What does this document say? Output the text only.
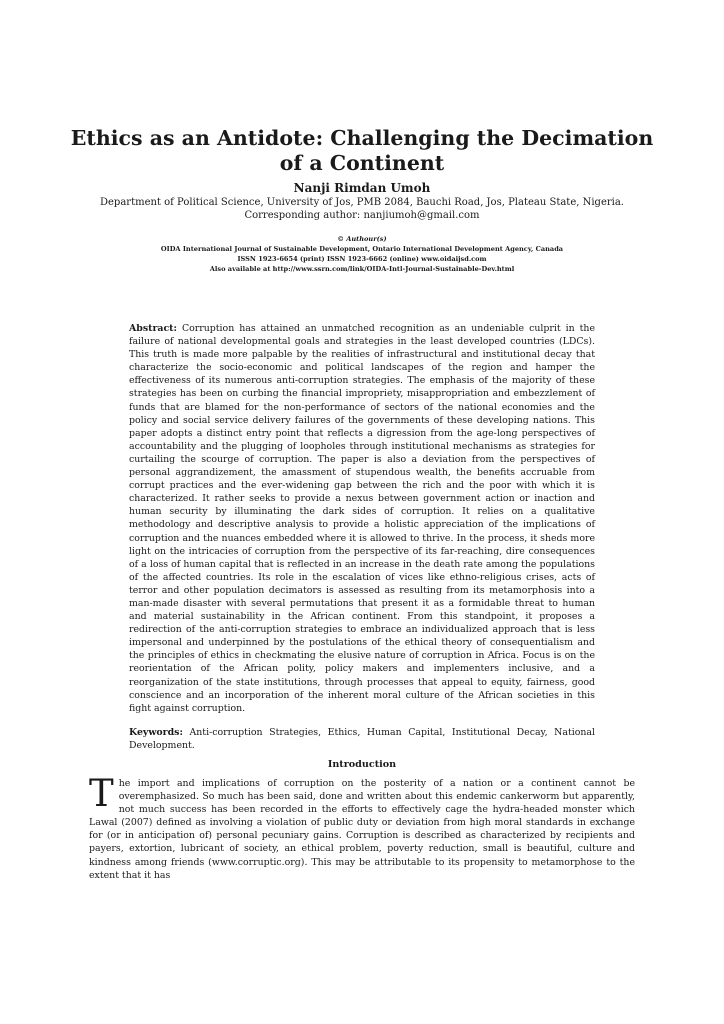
Ethics as an Antidote: Challenging the Decimation
of a Continent
Nanji Rimdan Umoh
Department of Political Science, University of Jos, PMB 2084, Bauchi Road, Jos, Plateau State, Nigeria.
Corresponding author: nanjiumoh@gmail.com
© Authour(s)
OIDA International Journal of Sustainable Development, Ontario International Development Agency, Canada
ISSN 1923-6654 (print) ISSN 1923-6662 (online) www.oidaijsd.com
Also available at http://www.ssrn.com/link/OIDA-Intl-Journal-Sustainable-Dev.html
Abstract: Corruption has attained an unmatched recognition as an undeniable culprit in the failure of national developmental goals and strategies in the least developed countries (LDCs). This truth is made more palpable by the realities of infrastructural and institutional decay that characterize the socio-economic and political landscapes of the region and hamper the effectiveness of its numerous anti-corruption strategies. The emphasis of the majority of these strategies has been on curbing the financial impropriety, misappropriation and embezzlement of funds that are blamed for the non-performance of sectors of the national economies and the policy and social service delivery failures of the governments of these developing nations. This paper adopts a distinct entry point that reflects a digression from the age-long perspectives of accountability and the plugging of loopholes through institutional mechanisms as strategies for curtailing the scourge of corruption. The paper is also a deviation from the perspectives of personal aggrandizement, the amassment of stupendous wealth, the benefits accruable from corrupt practices and the ever-widening gap between the rich and the poor with which it is characterized. It rather seeks to provide a nexus between government action or inaction and human security by illuminating the dark sides of corruption. It relies on a qualitative methodology and descriptive analysis to provide a holistic appreciation of the implications of corruption and the nuances embedded where it is allowed to thrive. In the process, it sheds more light on the intricacies of corruption from the perspective of its far-reaching, dire consequences of a loss of human capital that is reflected in an increase in the death rate among the populations of the affected countries. Its role in the escalation of vices like ethno-religious crises, acts of terror and other population decimators is assessed as resulting from its metamorphosis into a man-made disaster with several permutations that present it as a formidable threat to human and material sustainability in the African continent. From this standpoint, it proposes a redirection of the anti-corruption strategies to embrace an individualized approach that is less impersonal and underpinned by the postulations of the ethical theory of consequentialism and the principles of ethics in checkmating the elusive nature of corruption in Africa. Focus is on the reorientation of the African polity, policy makers and implementers inclusive, and a reorganization of the state institutions, through processes that appeal to equity, fairness, good conscience and an incorporation of the inherent moral culture of the African societies in this fight against corruption.
Keywords: Anti-corruption Strategies, Ethics, Human Capital, Institutional Decay, National Development.
Introduction
The import and implications of corruption on the posterity of a nation or a continent cannot be overemphasized. So much has been said, done and written about this endemic cankerworm but apparently, not much success has been recorded in the efforts to effectively cage the hydra-headed monster which Lawal (2007) defined as involving a violation of public duty or deviation from high moral standards in exchange for (or in anticipation of) personal pecuniary gains. Corruption is described as characterized by recipients and payers, extortion, lubricant of society, an ethical problem, poverty reduction, small is beautiful, culture and kindness among friends (www.corruptic.org). This may be attributable to its propensity to metamorphose to the extent that it has
